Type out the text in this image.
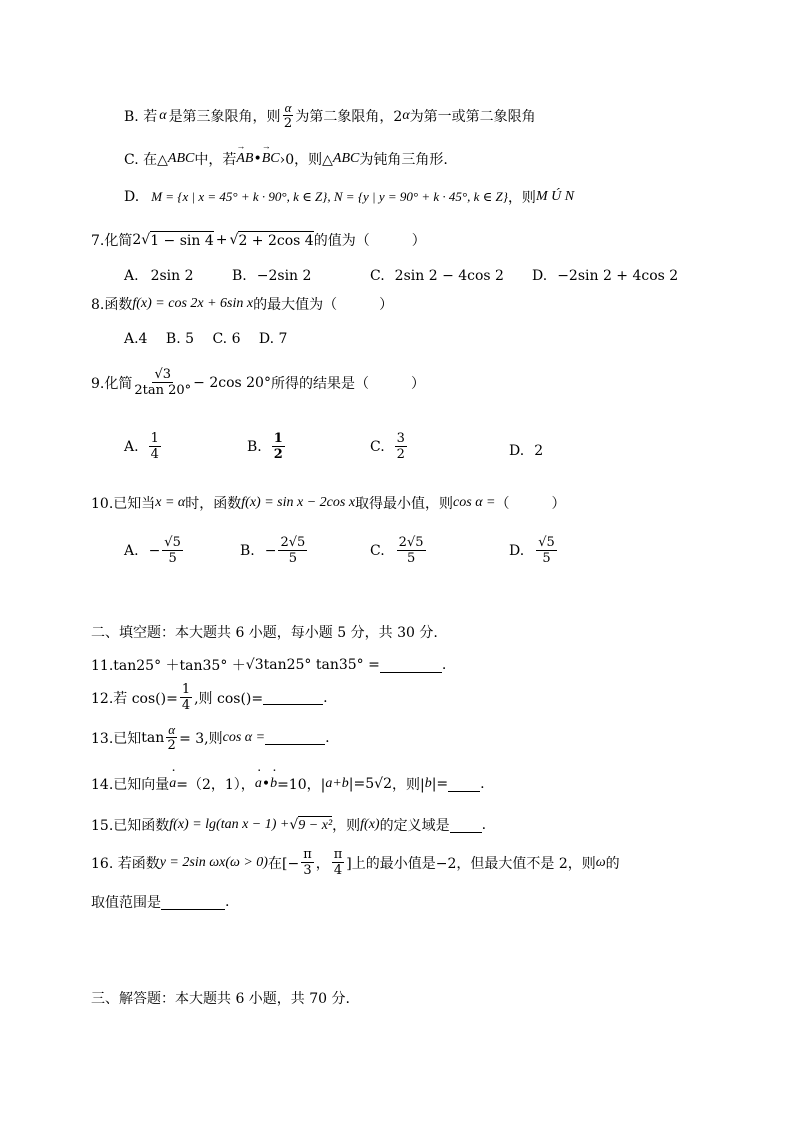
B. 若 α 是第三象限角，则 $\frac{\alpha}{2}$ 为第二象限角，2 α 为第一或第二象限角
C. 在△ ABC 中，若 → AB • → BC ›0，则△ ABC 为钝角三角形.
D. M = {x | x = 45° + k · 90°, k ∈ Z}, N = {y | y = 90° + k · 45°, k ∈ Z} ，则 M Ú N
7.化简 2 √ 1 − sin 4 + √ 2 + 2cos 4 的值为（　　　）
A. 2sin 2	B. −2sin 2	C. 2sin 2 − 4cos 2 D. −2sin 2 + 4cos 2
8.函数 f(x) = cos 2x + 6sin x 的最大值为（　　　）
A.4　 B. 5　 C. 6　 D. 7
9.化简 $\frac{√3}{2\tan 20^\circ} - 2\cos$ 20° 所得的结果是（　　　）
A. $\frac{1}{4}$	B. $\frac{1}{2}$	C. $\frac{3}{2}$	D. 2
10.已知当 x = α 时，函数 f(x) = sin x − 2cos x 取得最小值，则 cos α = （　　　）
A. − $\frac{√5}{5}$	B. − $\frac{2√5}{5}$	C. $\frac{2√5}{5}$	D. $\frac{√5}{5}$
二、填空题：本大题共 6 小题，每小题 5 分，共 30 分.
11.tan25° ＋tan35° ＋ √3 tan25° tan35° =	.
12.若 $\cos()= \frac{1}{4}$ ,则 cos()=	.
13.已知 $\tan \frac{\alpha}{2} = 3$,则 cos α =	.
14.已知向量 · a =（2，1）， · a • · b =10，| a+b |=5 √2 ，则| b |= .
15.已知函数 f(x) = lg(tan x − 1) + √ 9 − x² ，则 f(x) 的定义域是 .
16. 若函数 y = 2sin ωx(ω > 0) 在[− $\frac{\pi}{3}$ ， $\frac{\pi}{4}$ ]上的最小值是−2，但最大值不是 2，则 ω 的
取值范围是	.
三、解答题：本大题共 6 小题，共 70 分.
